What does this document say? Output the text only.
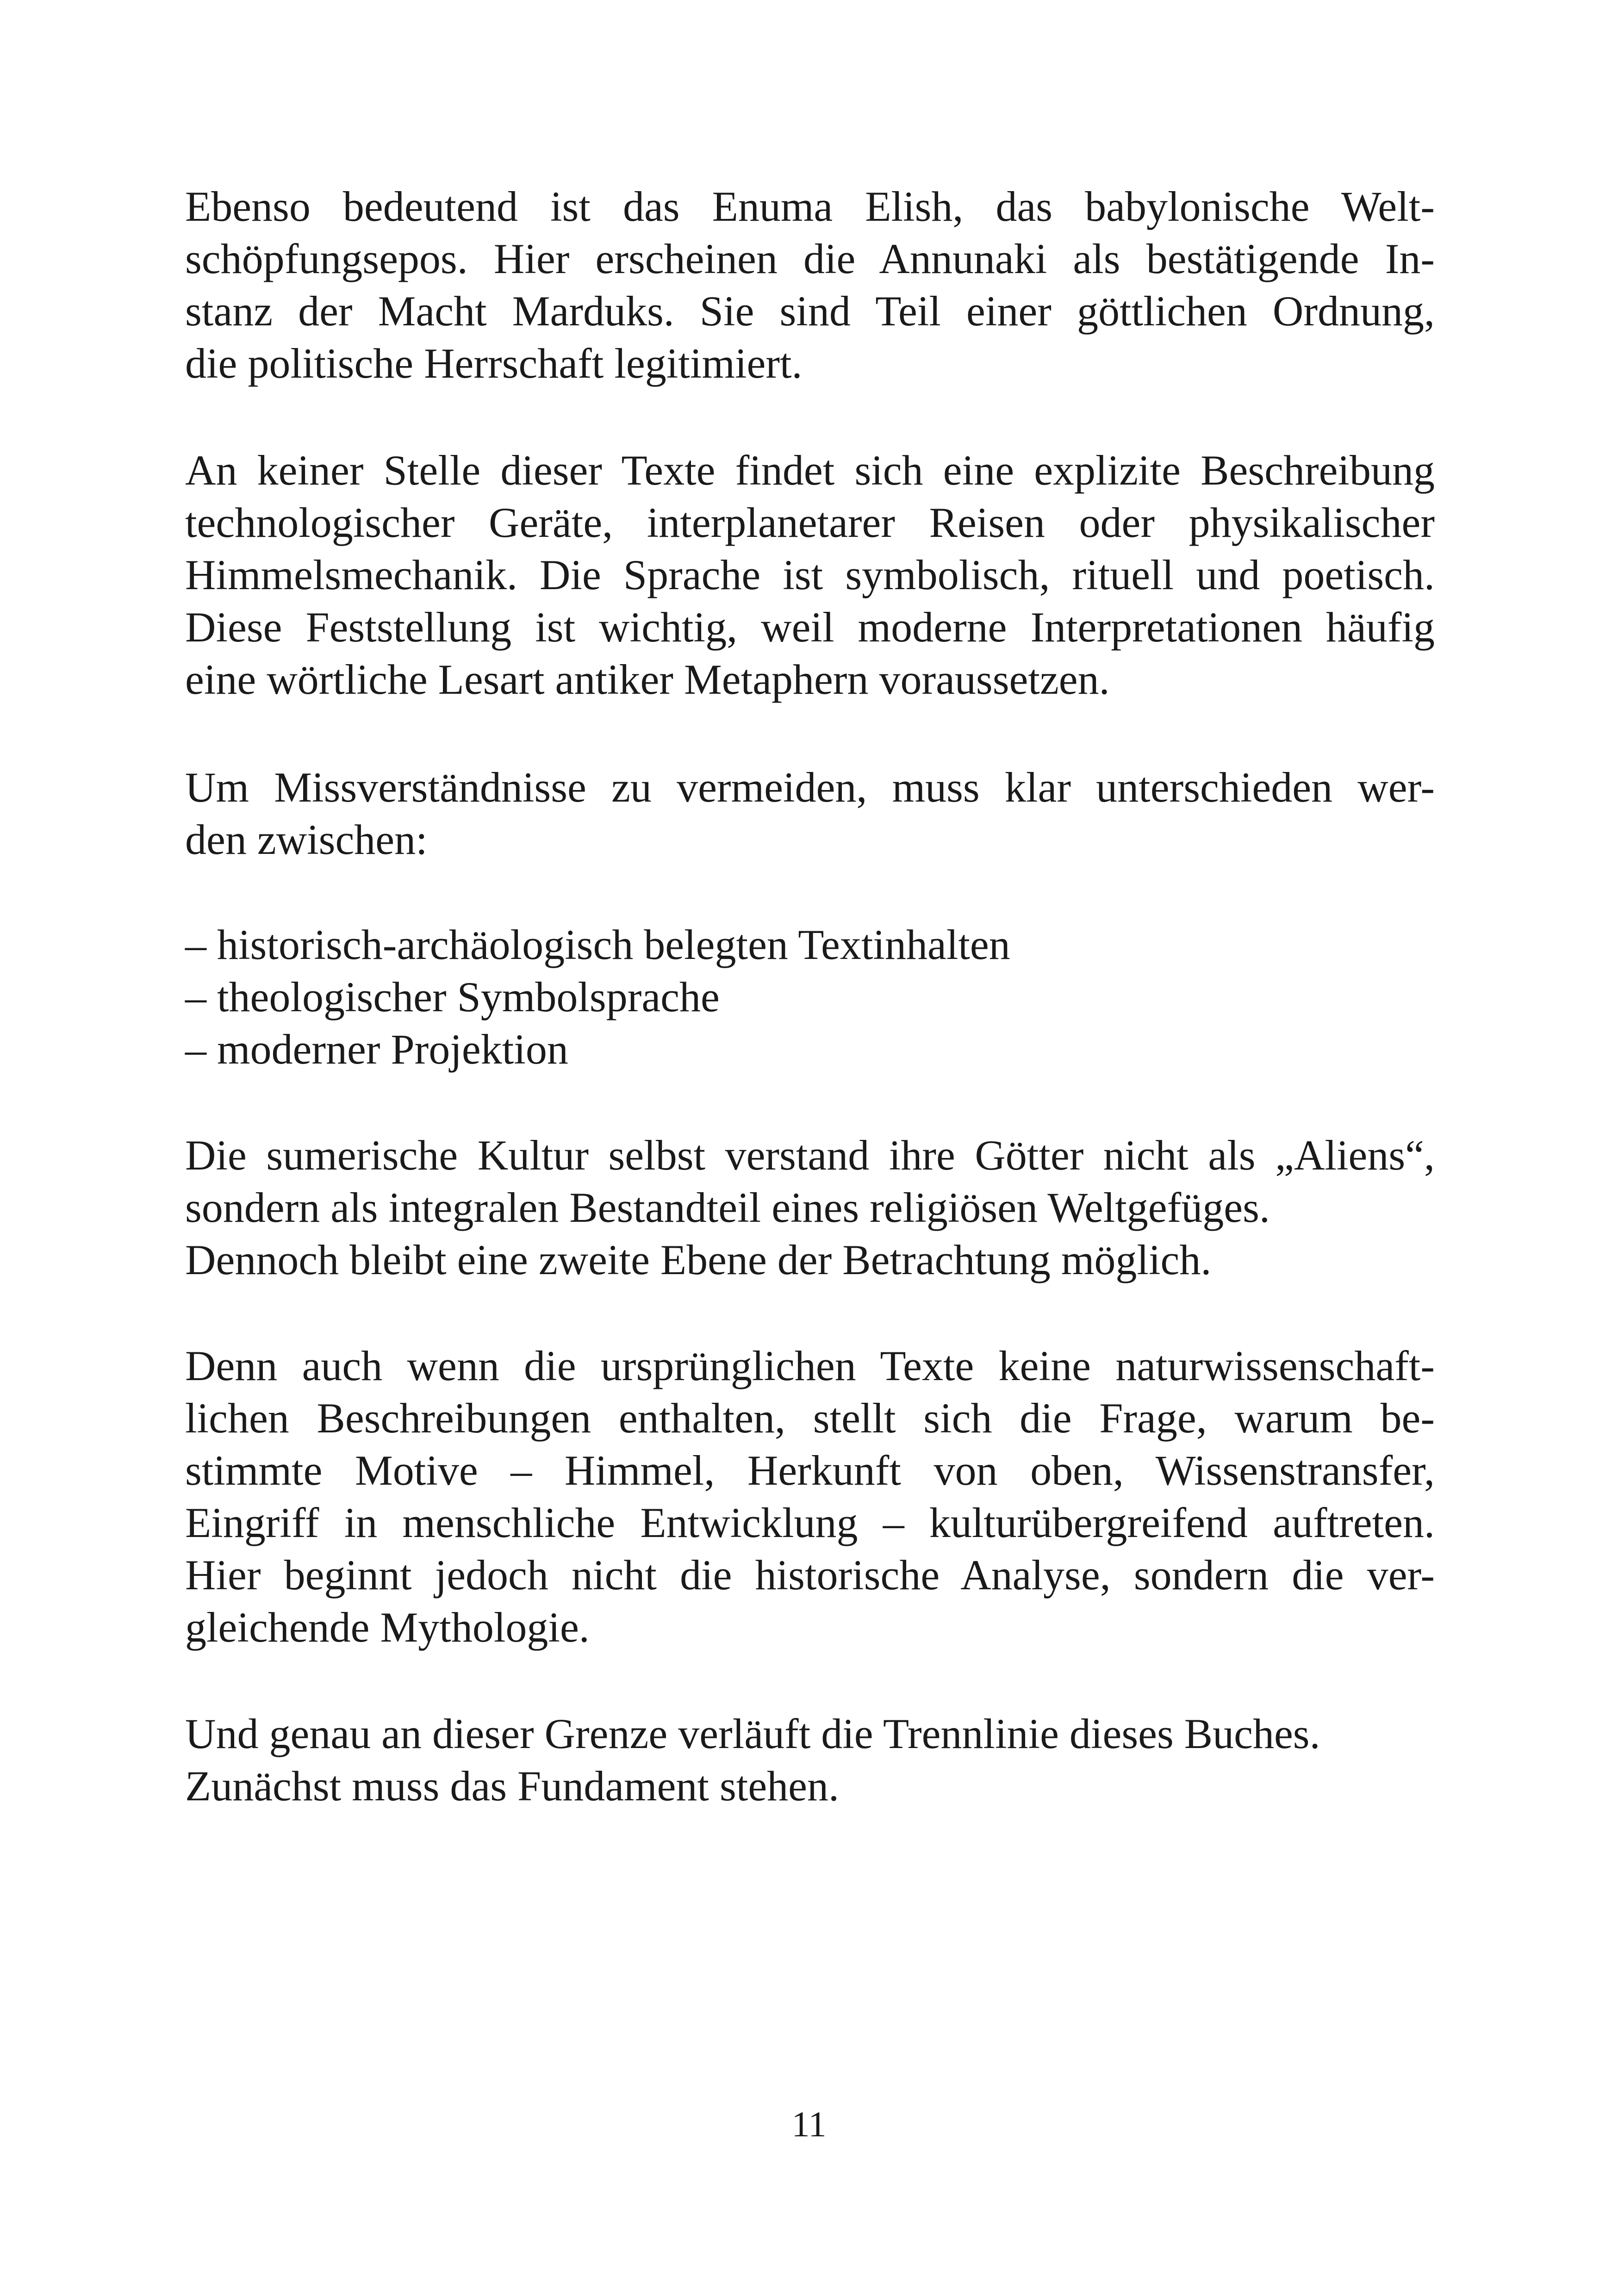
Ebenso bedeutend ist das Enuma Elish, das babylonische Welt-
schöpfungsepos. Hier erscheinen die Annunaki als bestätigende In-
stanz der Macht Marduks. Sie sind Teil einer göttlichen Ordnung,
die politische Herrschaft legitimiert.
An keiner Stelle dieser Texte findet sich eine explizite Beschreibung
technologischer Geräte, interplanetarer Reisen oder physikalischer
Himmelsmechanik. Die Sprache ist symbolisch, rituell und poetisch.
Diese Feststellung ist wichtig, weil moderne Interpretationen häufig
eine wörtliche Lesart antiker Metaphern voraussetzen.
Um Missverständnisse zu vermeiden, muss klar unterschieden wer-
den zwischen:
– historisch-archäologisch belegten Textinhalten
– theologischer Symbolsprache
– moderner Projektion
Die sumerische Kultur selbst verstand ihre Götter nicht als „Aliens“,
sondern als integralen Bestandteil eines religiösen Weltgefüges.
Dennoch bleibt eine zweite Ebene der Betrachtung möglich.
Denn auch wenn die ursprünglichen Texte keine naturwissenschaft-
lichen Beschreibungen enthalten, stellt sich die Frage, warum be-
stimmte Motive – Himmel, Herkunft von oben, Wissenstransfer,
Eingriff in menschliche Entwicklung – kulturübergreifend auftreten.
Hier beginnt jedoch nicht die historische Analyse, sondern die ver-
gleichende Mythologie.
Und genau an dieser Grenze verläuft die Trennlinie dieses Buches.
Zunächst muss das Fundament stehen.
11
